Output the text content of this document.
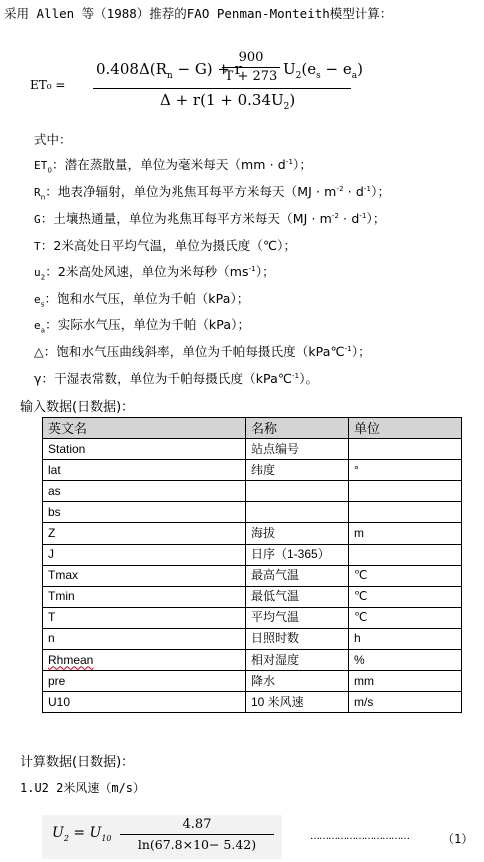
采用 Allen 等（1988）推荐的FAO Penman-Monteith模型计算：
ET₀ =
$0.408\Delta(R_n - G) + r$
900
T + 273 $U_2(e_s - e_a)$
$\Delta + r(1 + 0.34U_2)$
式中：
$ET_0$：潜在蒸散量，单位为毫米每天$(mm \cdot d^{-1})$；
$R_n$：地表净辐射，单位为兆焦耳每平方米每天$(MJ \cdot m^{-2} \cdot d^{-1})$；
G：土壤热通量，单位为兆焦耳每平方米每天$(MJ \cdot m^{-2} \cdot d^{-1})$；
T：2米高处日平均气温，单位为摄氏度（℃）；
$u_2$：2米高处风速，单位为米每秒$(ms^{-1})$；
$e_s$：饱和水气压，单位为千帕（kPa）；
$e_a$：实际水气压，单位为千帕（kPa）；
△：饱和水气压曲线斜率，单位为千帕每摄氏度（kPa℃$^{-1}$）；
γ：干湿表常数，单位为千帕每摄氏度（kPa℃$^{-1}$）。
输入数据(日数据)：
英文名	名称	单位
Station	站点编号	
lat	纬度	°
as		
bs		
Z	海拔	m
J	日序（1-365）	
Tmax	最高气温	℃
Tmin	最低气温	℃
T	平均气温	℃
n	日照时数	h
Rhmean	相对湿度	%
pre	降水	mm
U10	10 米风速	m/s
计算数据(日数据)：
1.U2 2米风速（m/s）
$U_2 = U_{10}$
4.87
ln(67.8×10− 5.42)
……………………………	（1）
